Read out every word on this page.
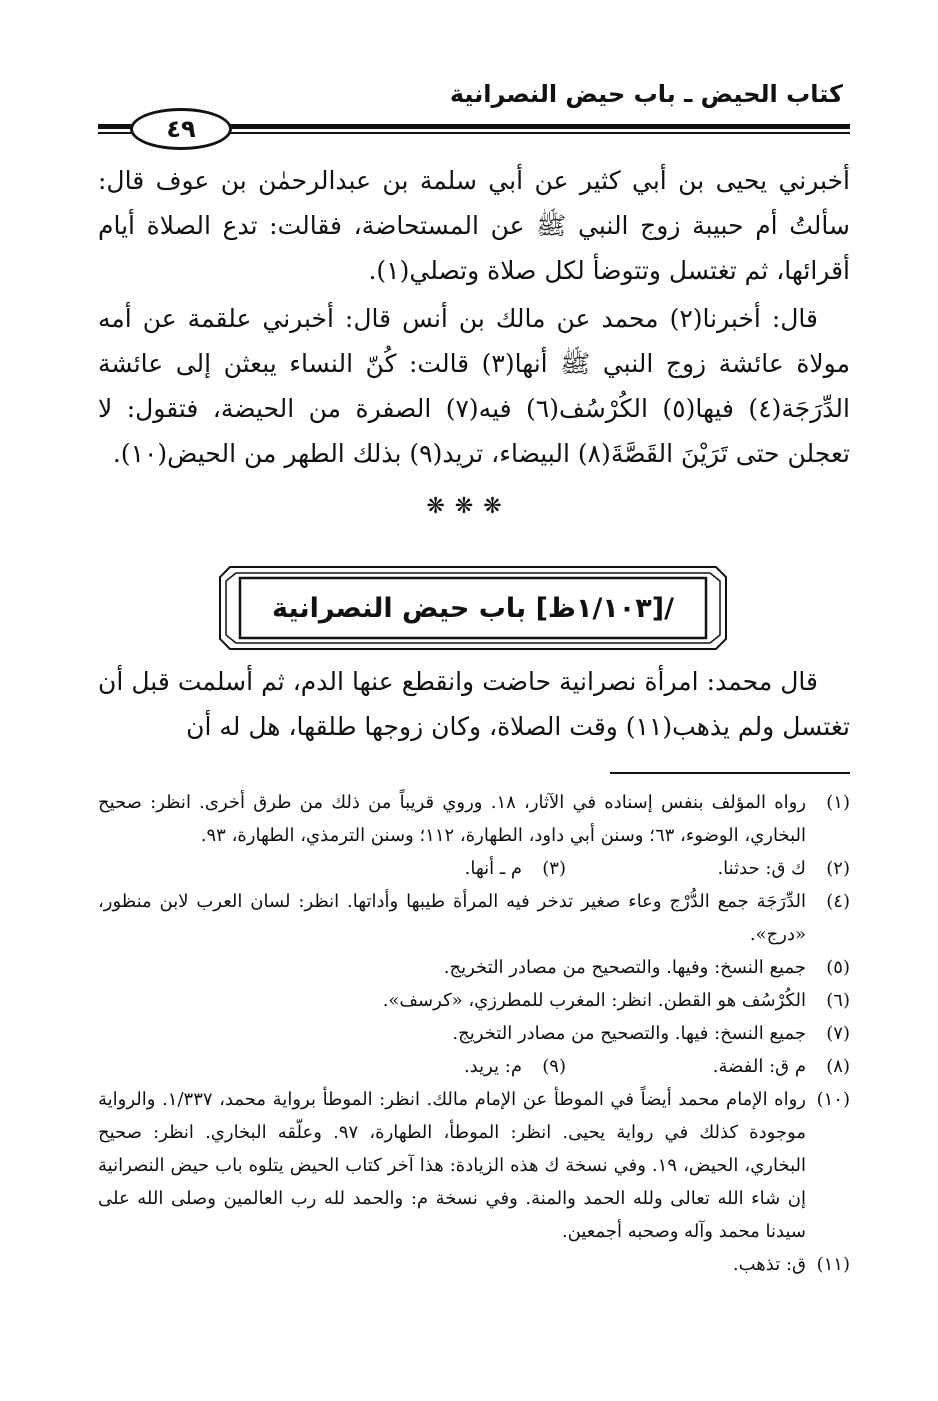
كتاب الحيض ـ باب حيض النصرانية
٤٩
أخبرني يحيى بن أبي كثير عن أبي سلمة بن عبدالرحمٰن بن عوف قال: سألتُ أم حبيبة زوج النبي ﷺ عن المستحاضة، فقالت: تدع الصلاة أيام أقرائها، ثم تغتسل وتتوضأ لكل صلاة وتصلي(١).
قال: أخبرنا(٢) محمد عن مالك بن أنس قال: أخبرني علقمة عن أمه مولاة عائشة زوج النبي ﷺ أنها(٣) قالت: كُنّ النساء يبعثن إلى عائشة الدِّرَجَة(٤) فيها(٥) الكُرْسُف(٦) فيه(٧) الصفرة من الحيضة، فتقول: لا تعجلن حتى تَرَيْنَ القَصَّةَ(٨) البيضاء، تريد(٩) بذلك الطهر من الحيض(١٠).
❋❋❋
/[١/١٠٣ظ] باب حيض النصرانية
قال محمد: امرأة نصرانية حاضت وانقطع عنها الدم، ثم أسلمت قبل أن تغتسل ولم يذهب(١١) وقت الصلاة، وكان زوجها طلقها، هل له أن
(١)
رواه المؤلف بنفس إسناده في الآثار، ١٨. وروي قريباً من ذلك من طرق أخرى. انظر: صحيح البخاري، الوضوء، ٦٣؛ وسنن أبي داود، الطهارة، ١١٢؛ وسنن الترمذي، الطهارة، ٩٣.
(٢)
ك ق: حدثنا.
(٣)
م ـ أنها.
(٤)
الدِّرَجَة جمع الدُّرْج وعاء صغير تدخر فيه المرأة طيبها وأداتها. انظر: لسان العرب لابن منظور، «درج».
(٥)
جميع النسخ: وفيها. والتصحيح من مصادر التخريج.
(٦)
الكُرْسُف هو القطن. انظر: المغرب للمطرزي، «كرسف».
(٧)
جميع النسخ: فيها. والتصحيح من مصادر التخريج.
(٨)
م ق: الفضة.
(٩)
م: يريد.
(١٠)
رواه الإمام محمد أيضاً في الموطأ عن الإمام مالك. انظر: الموطأ برواية محمد، ١/٣٣٧. والرواية موجودة كذلك في رواية يحيى. انظر: الموطأ، الطهارة، ٩٧. وعلّقه البخاري. انظر: صحيح البخاري، الحيض، ١٩. وفي نسخة ك هذه الزيادة: هذا آخر كتاب الحيض يتلوه باب حيض النصرانية إن شاء الله تعالى ولله الحمد والمنة. وفي نسخة م: والحمد لله رب العالمين وصلى الله على سيدنا محمد وآله وصحبه أجمعين.
(١١)
ق: تذهب.
